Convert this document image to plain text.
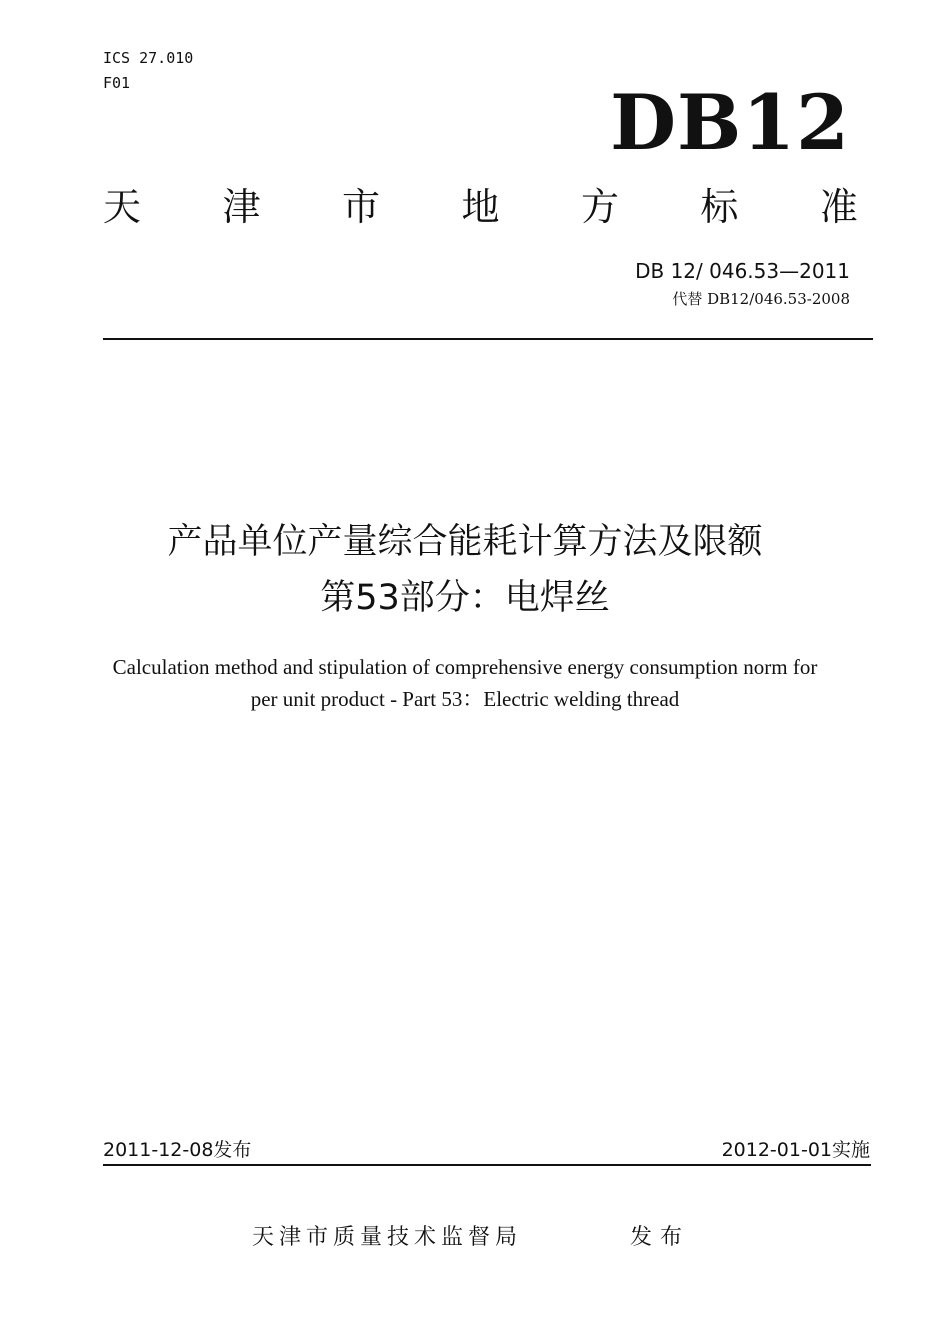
ICS 27.010
F01	DB12
天 津 市 地 方 标 准
DB 12/ 046.53—2011
代替 DB12/046.53-2008
产品单位产量综合能耗计算方法及限额
第53部分：电焊丝
Calculation method and stipulation of comprehensive energy consumption norm for
per unit product - Part 53：Electric welding thread
2011-12-08发布	2012-01-01实施
天津市质量技术监督局	发布
